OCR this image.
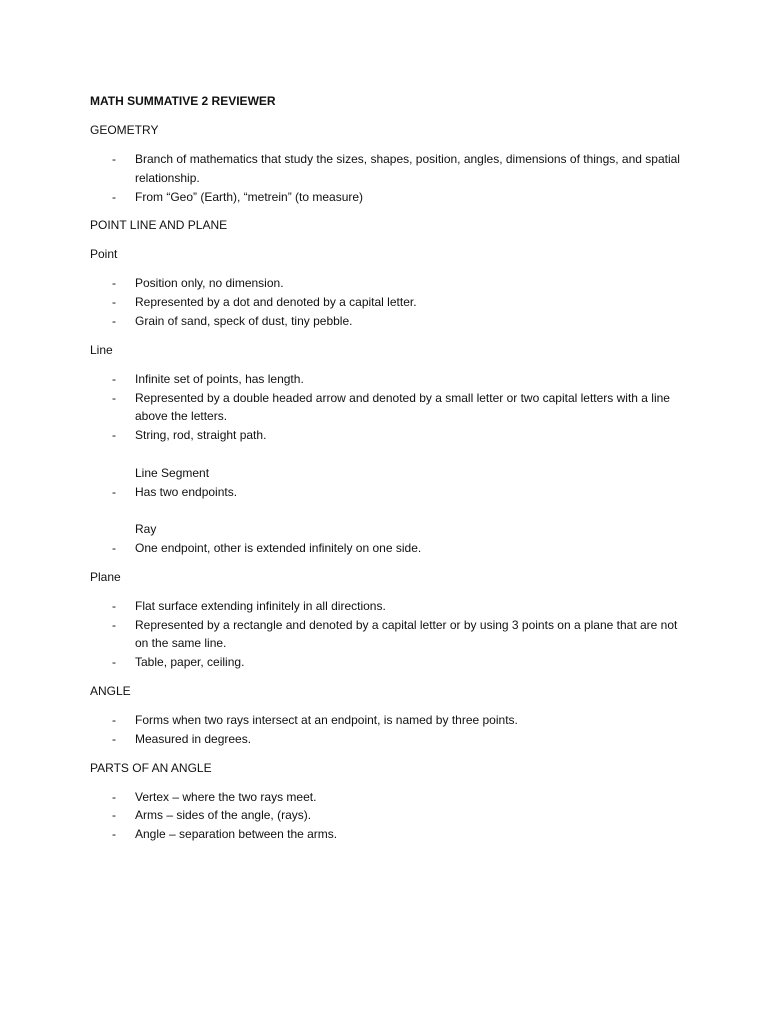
MATH SUMMATIVE 2 REVIEWER
GEOMETRY
- Branch of mathematics that study the sizes, shapes, position, angles, dimensions of things, and spatial relationship.
- From “Geo” (Earth), “metrein” (to measure)
POINT LINE AND PLANE
Point
- Position only, no dimension.
- Represented by a dot and denoted by a capital letter.
- Grain of sand, speck of dust, tiny pebble.
Line
- Infinite set of points, has length.
- Represented by a double headed arrow and denoted by a small letter or two capital letters with a line above the letters.
- String, rod, straight path.
Line Segment
- Has two endpoints.
Ray
- One endpoint, other is extended infinitely on one side.
Plane
- Flat surface extending infinitely in all directions.
- Represented by a rectangle and denoted by a capital letter or by using 3 points on a plane that are not on the same line.
- Table, paper, ceiling.
ANGLE
- Forms when two rays intersect at an endpoint, is named by three points.
- Measured in degrees.
PARTS OF AN ANGLE
- Vertex – where the two rays meet.
- Arms – sides of the angle, (rays).
- Angle – separation between the arms.
